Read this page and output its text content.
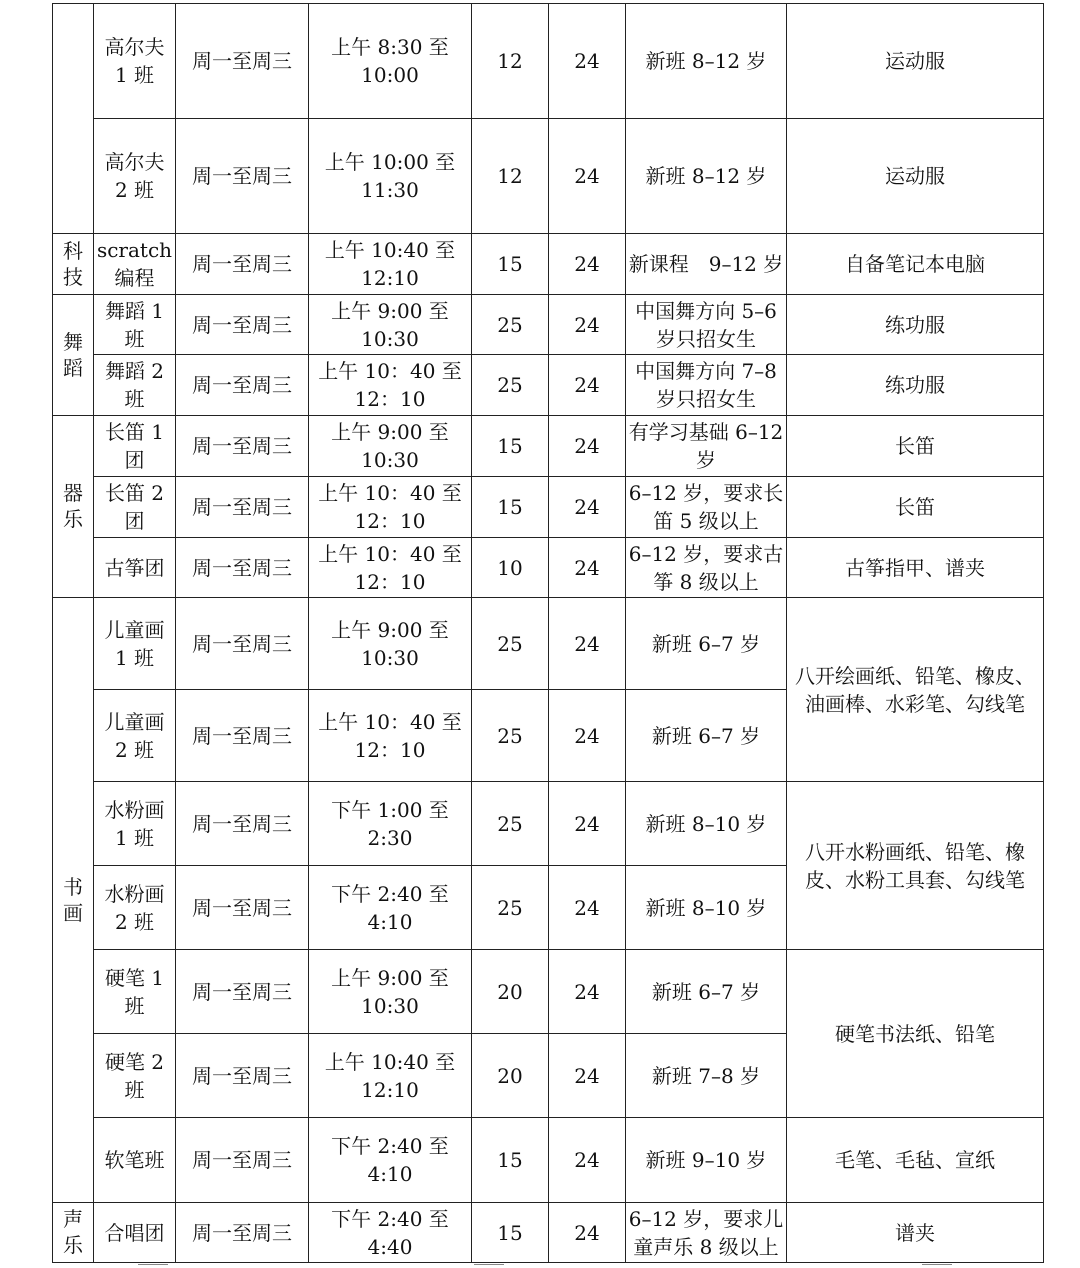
	高尔夫 1 班	周一至周三	上午 8:30 至 10:00	12	24	新班 8–12 岁	运动服
	高尔夫 2 班	周一至周三	上午 10:00 至 11:30	12	24	新班 8–12 岁	运动服
科技	scratch 编程	周一至周三	上午 10:40 至 12:10	15	24	新课程　9–12 岁	自备笔记本电脑
舞蹈	舞蹈 1 班	周一至周三	上午 9:00 至 10:30	25	24	中国舞方向 5–6 岁只招女生	练功服
	舞蹈 2 班	周一至周三	上午 10：40 至 12：10	25	24	中国舞方向 7–8 岁只招女生	练功服
器乐	长笛 1 团	周一至周三	上午 9:00 至 10:30	15	24	有学习基础 6–12 岁	长笛
	长笛 2 团	周一至周三	上午 10：40 至 12：10	15	24	6–12 岁，要求长笛 5 级以上	长笛
	古筝团	周一至周三	上午 10：40 至 12：10	10	24	6–12 岁，要求古筝 8 级以上	古筝指甲、谱夹
书画	儿童画 1 班	周一至周三	上午 9:00 至 10:30	25	24	新班 6–7 岁	八开绘画纸、铅笔、橡皮、油画棒、水彩笔、勾线笔
	儿童画 2 班	周一至周三	上午 10：40 至 12：10	25	24	新班 6–7 岁	
	水粉画 1 班	周一至周三	下午 1:00 至 2:30	25	24	新班 8–10 岁	八开水粉画纸、铅笔、橡皮、水粉工具套、勾线笔
	水粉画 2 班	周一至周三	下午 2:40 至 4:10	25	24	新班 8–10 岁	
	硬笔 1 班	周一至周三	上午 9:00 至 10:30	20	24	新班 6–7 岁	硬笔书法纸、铅笔
	硬笔 2 班	周一至周三	上午 10:40 至 12:10	20	24	新班 7–8 岁	
	软笔班	周一至周三	下午 2:40 至 4:10	15	24	新班 9–10 岁	毛笔、毛毡、宣纸
声乐	合唱团	周一至周三	下午 2:40 至 4:40	15	24	6–12 岁，要求儿童声乐 8 级以上	谱夹
